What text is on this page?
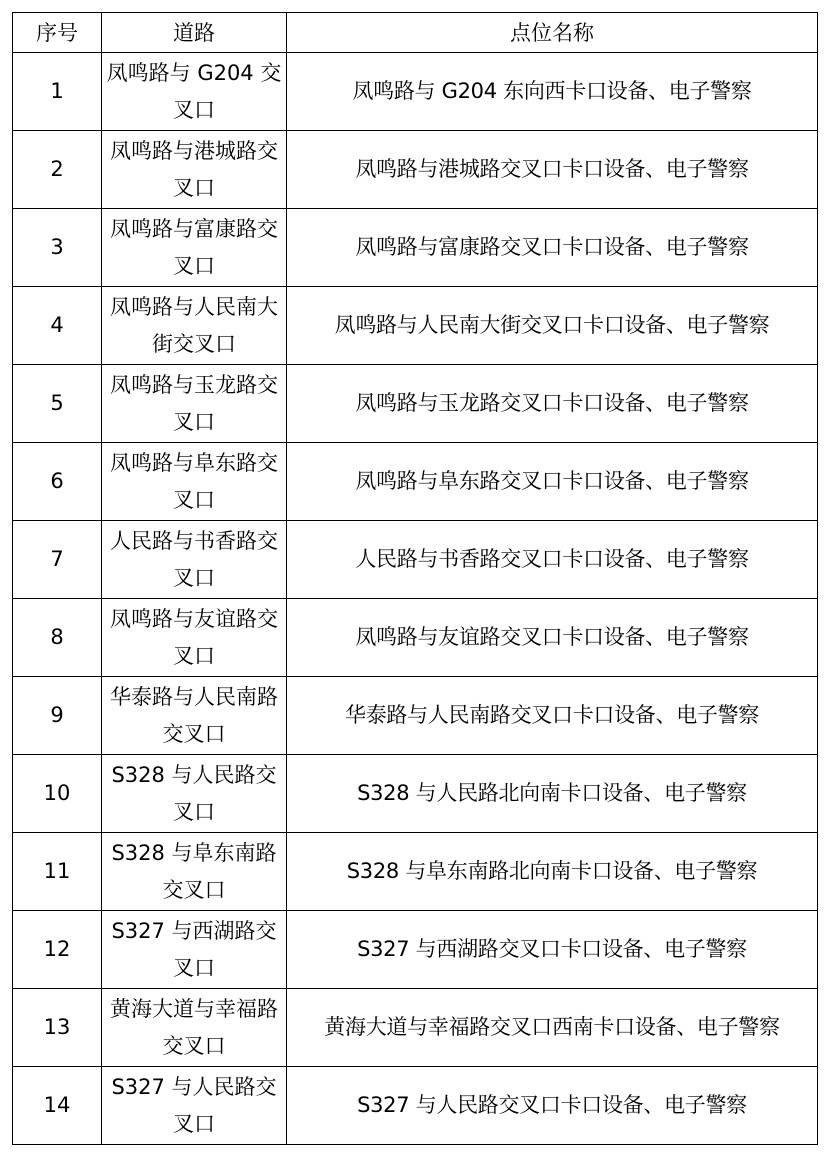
序号	道路	点位名称
1	凤鸣路与 G204 交叉口	凤鸣路与 G204 东向西卡口设备、电子警察
2	凤鸣路与港城路交叉口	凤鸣路与港城路交叉口卡口设备、电子警察
3	凤鸣路与富康路交叉口	凤鸣路与富康路交叉口卡口设备、电子警察
4	凤鸣路与人民南大街交叉口	凤鸣路与人民南大街交叉口卡口设备、电子警察
5	凤鸣路与玉龙路交叉口	凤鸣路与玉龙路交叉口卡口设备、电子警察
6	凤鸣路与阜东路交叉口	凤鸣路与阜东路交叉口卡口设备、电子警察
7	人民路与书香路交叉口	人民路与书香路交叉口卡口设备、电子警察
8	凤鸣路与友谊路交叉口	凤鸣路与友谊路交叉口卡口设备、电子警察
9	华泰路与人民南路交叉口	华泰路与人民南路交叉口卡口设备、电子警察
10	S328 与人民路交叉口	S328 与人民路北向南卡口设备、电子警察
11	S328 与阜东南路交叉口	S328 与阜东南路北向南卡口设备、电子警察
12	S327 与西湖路交叉口	S327 与西湖路交叉口卡口设备、电子警察
13	黄海大道与幸福路交叉口	黄海大道与幸福路交叉口西南卡口设备、电子警察
14	S327 与人民路交叉口	S327 与人民路交叉口卡口设备、电子警察
